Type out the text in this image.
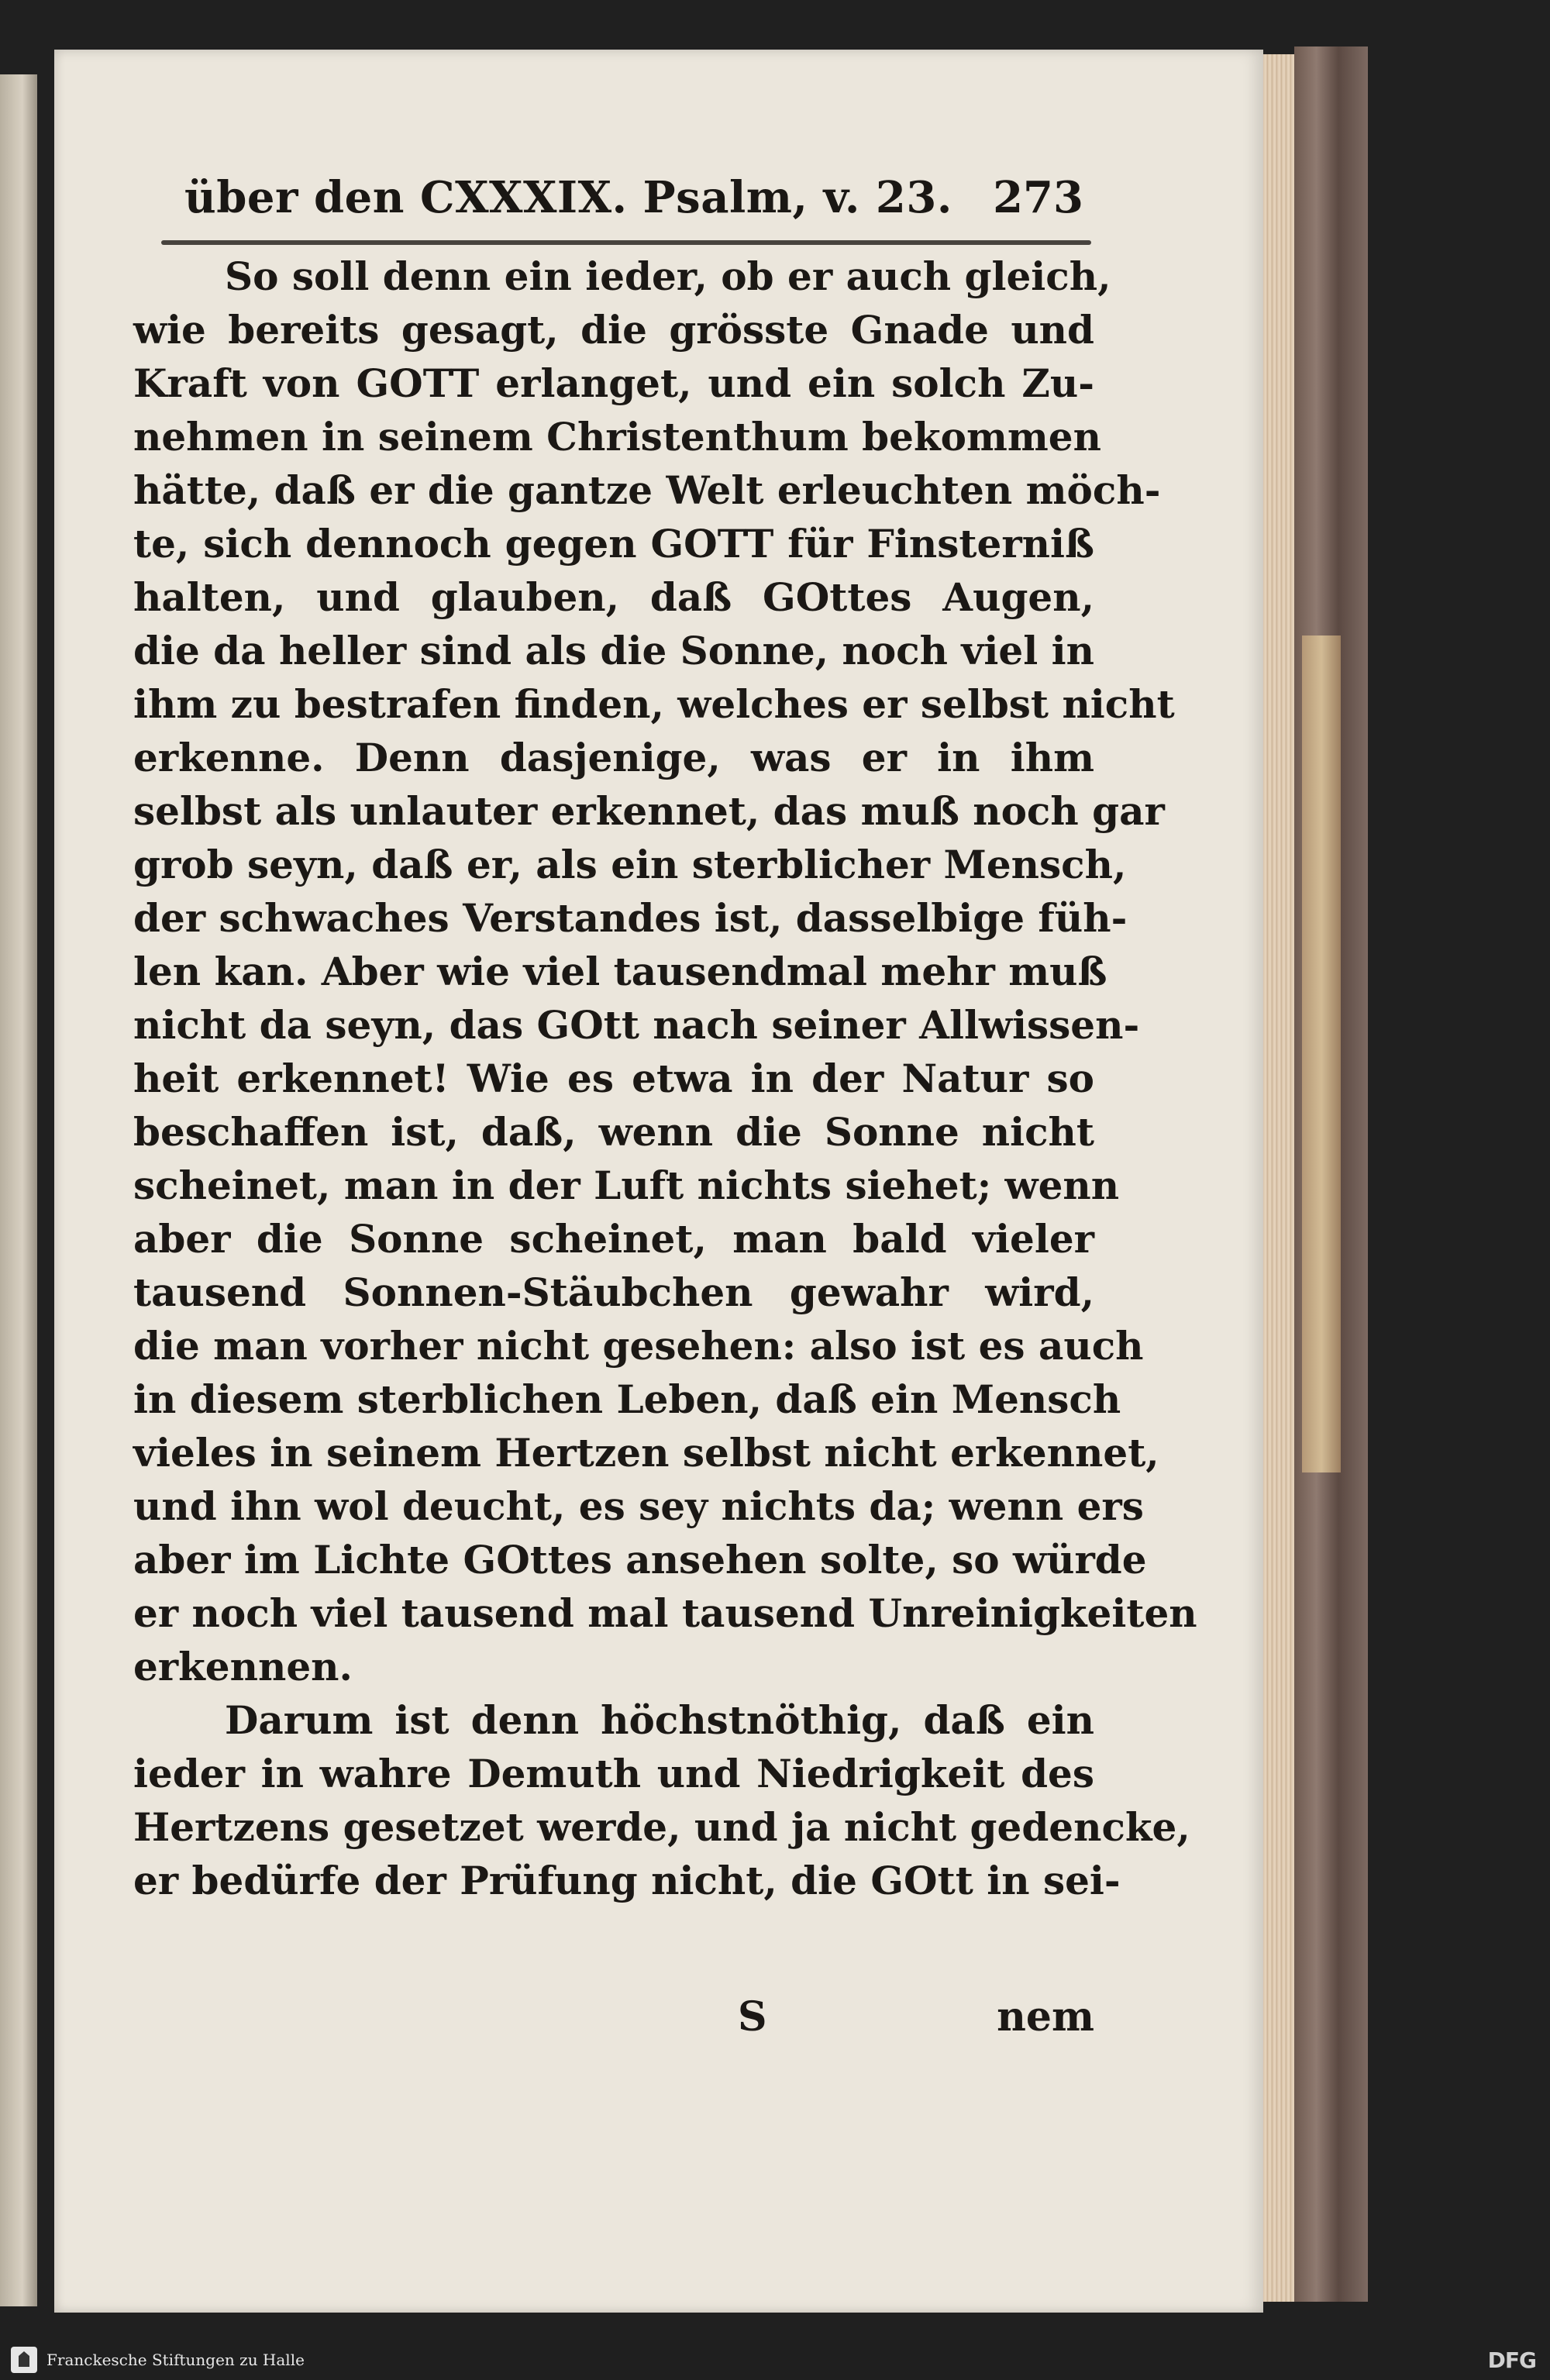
über den CXXXIX. Psalm, v. 23. 273
So soll denn ein ieder, ob er auch gleich,
wie bereits gesagt, die grösste Gnade und
Kraft von GOTT erlanget, und ein solch Zu-
nehmen in seinem Christenthum bekommen
hätte, daß er die gantze Welt erleuchten möch-
te, sich dennoch gegen GOTT für Finsterniß
halten, und glauben, daß GOttes Augen,
die da heller sind als die Sonne, noch viel in
ihm zu bestrafen finden, welches er selbst nicht
erkenne. Denn dasjenige, was er in ihm
selbst als unlauter erkennet, das muß noch gar
grob seyn, daß er, als ein sterblicher Mensch,
der schwaches Verstandes ist, dasselbige füh-
len kan. Aber wie viel tausendmal mehr muß
nicht da seyn, das GOtt nach seiner Allwissen-
heit erkennet! Wie es etwa in der Natur so
beschaffen ist, daß, wenn die Sonne nicht
scheinet, man in der Luft nichts siehet; wenn
aber die Sonne scheinet, man bald vieler
tausend Sonnen-Stäubchen gewahr wird,
die man vorher nicht gesehen: also ist es auch
in diesem sterblichen Leben, daß ein Mensch
vieles in seinem Hertzen selbst nicht erkennet,
und ihn wol deucht, es sey nichts da; wenn ers
aber im Lichte GOttes ansehen solte, so würde
er noch viel tausend mal tausend Unreinigkeiten
erkennen.
Darum ist denn höchstnöthig, daß ein
ieder in wahre Demuth und Niedrigkeit des
Hertzens gesetzet werde, und ja nicht gedencke,
er bedürfe der Prüfung nicht, die GOtt in sei-
S	nem
Franckesche Stiftungen zu Halle	DFG
